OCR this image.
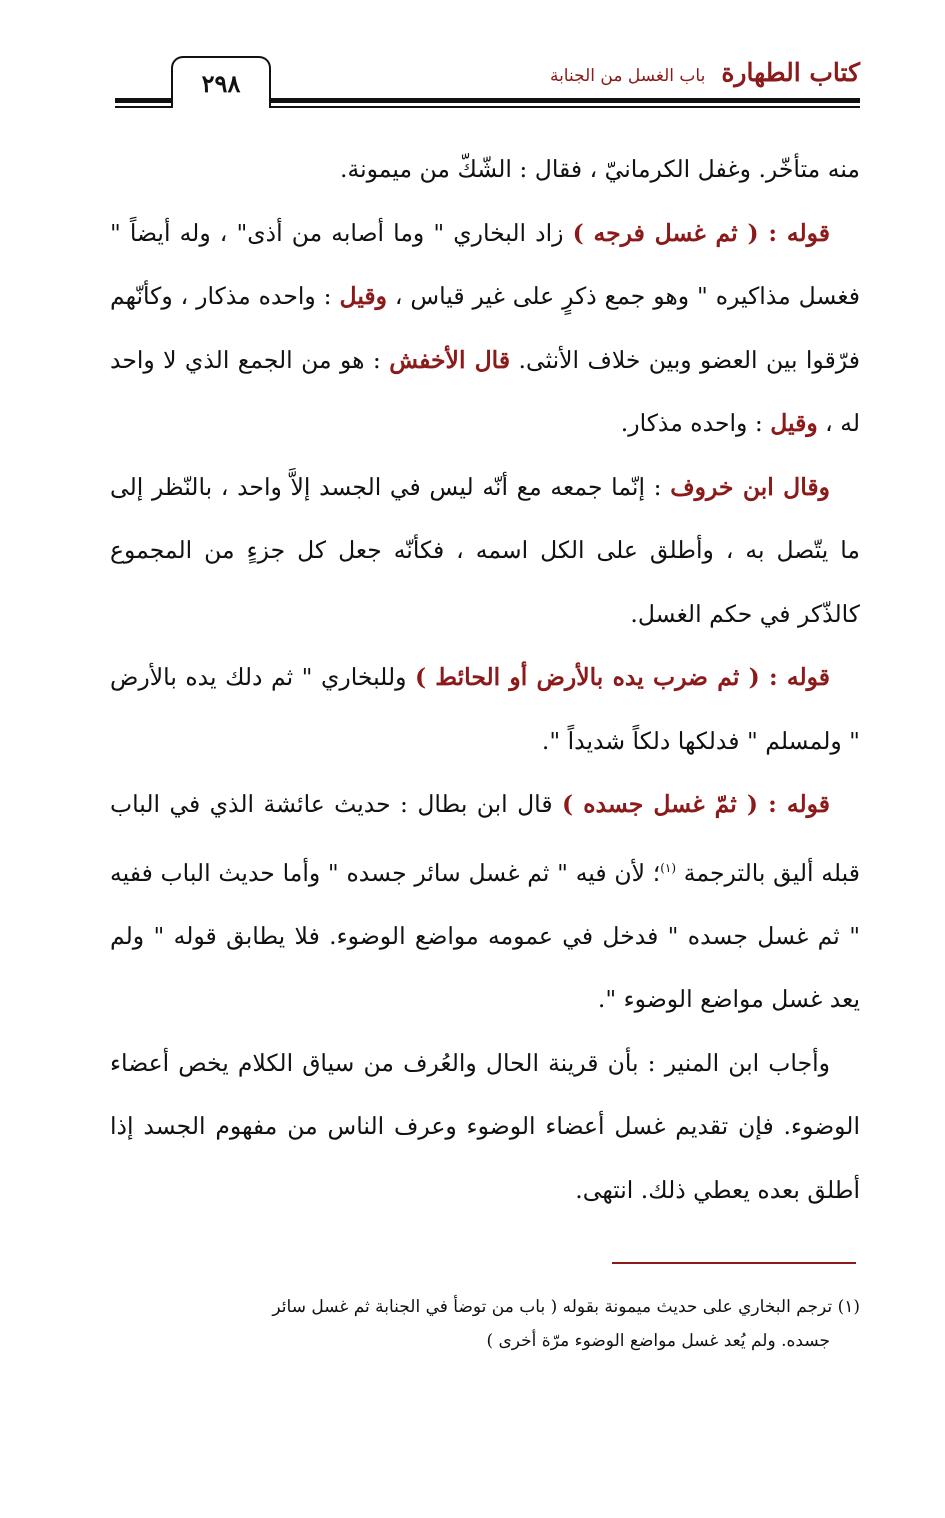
كتاب الطهارة
باب الغسل من الجنابة
٢٩٨

منه متأخّر. وغفل الكرمانيّ ، فقال : الشّكّ من ميمونة.

قوله : ( ثم غسل فرجه ) زاد البخاري " وما أصابه من أذى" ، وله أيضاً " فغسل مذاكيره " وهو جمع ذكرٍ على غير قياس ، وقيل : واحده مذكار ، وكأنّهم فرّقوا بين العضو وبين خلاف الأنثى. قال الأخفش : هو من الجمع الذي لا واحد له ، وقيل : واحده مذكار.

وقال ابن خروف : إنّما جمعه مع أنّه ليس في الجسد إلاَّ واحد ، بالنّظر إلى ما يتّصل به ، وأطلق على الكل اسمه ، فكأنّه جعل كل جزءٍ من المجموع كالذّكر في حكم الغسل.

قوله : ( ثم ضرب يده بالأرض أو الحائط ) وللبخاري " ثم دلك يده بالأرض " ولمسلم " فدلكها دلكاً شديداً ".

قوله : ( ثمّ غسل جسده ) قال ابن بطال : حديث عائشة الذي في الباب قبله أليق بالترجمة $^{(١)}$؛ لأن فيه " ثم غسل سائر جسده " وأما حديث الباب ففيه " ثم غسل جسده " فدخل في عمومه مواضع الوضوء. فلا يطابق قوله " ولم يعد غسل مواضع الوضوء ".

وأجاب ابن المنير : بأن قرينة الحال والعُرف من سياق الكلام يخص أعضاء الوضوء. فإن تقديم غسل أعضاء الوضوء وعرف الناس من مفهوم الجسد إذا أطلق بعده يعطي ذلك. انتهى.

(١) ترجم البخاري على حديث ميمونة بقوله ( باب من توضأ في الجنابة ثم غسل سائر

جسده. ولم يُعد غسل مواضع الوضوء مرّة أخرى )
